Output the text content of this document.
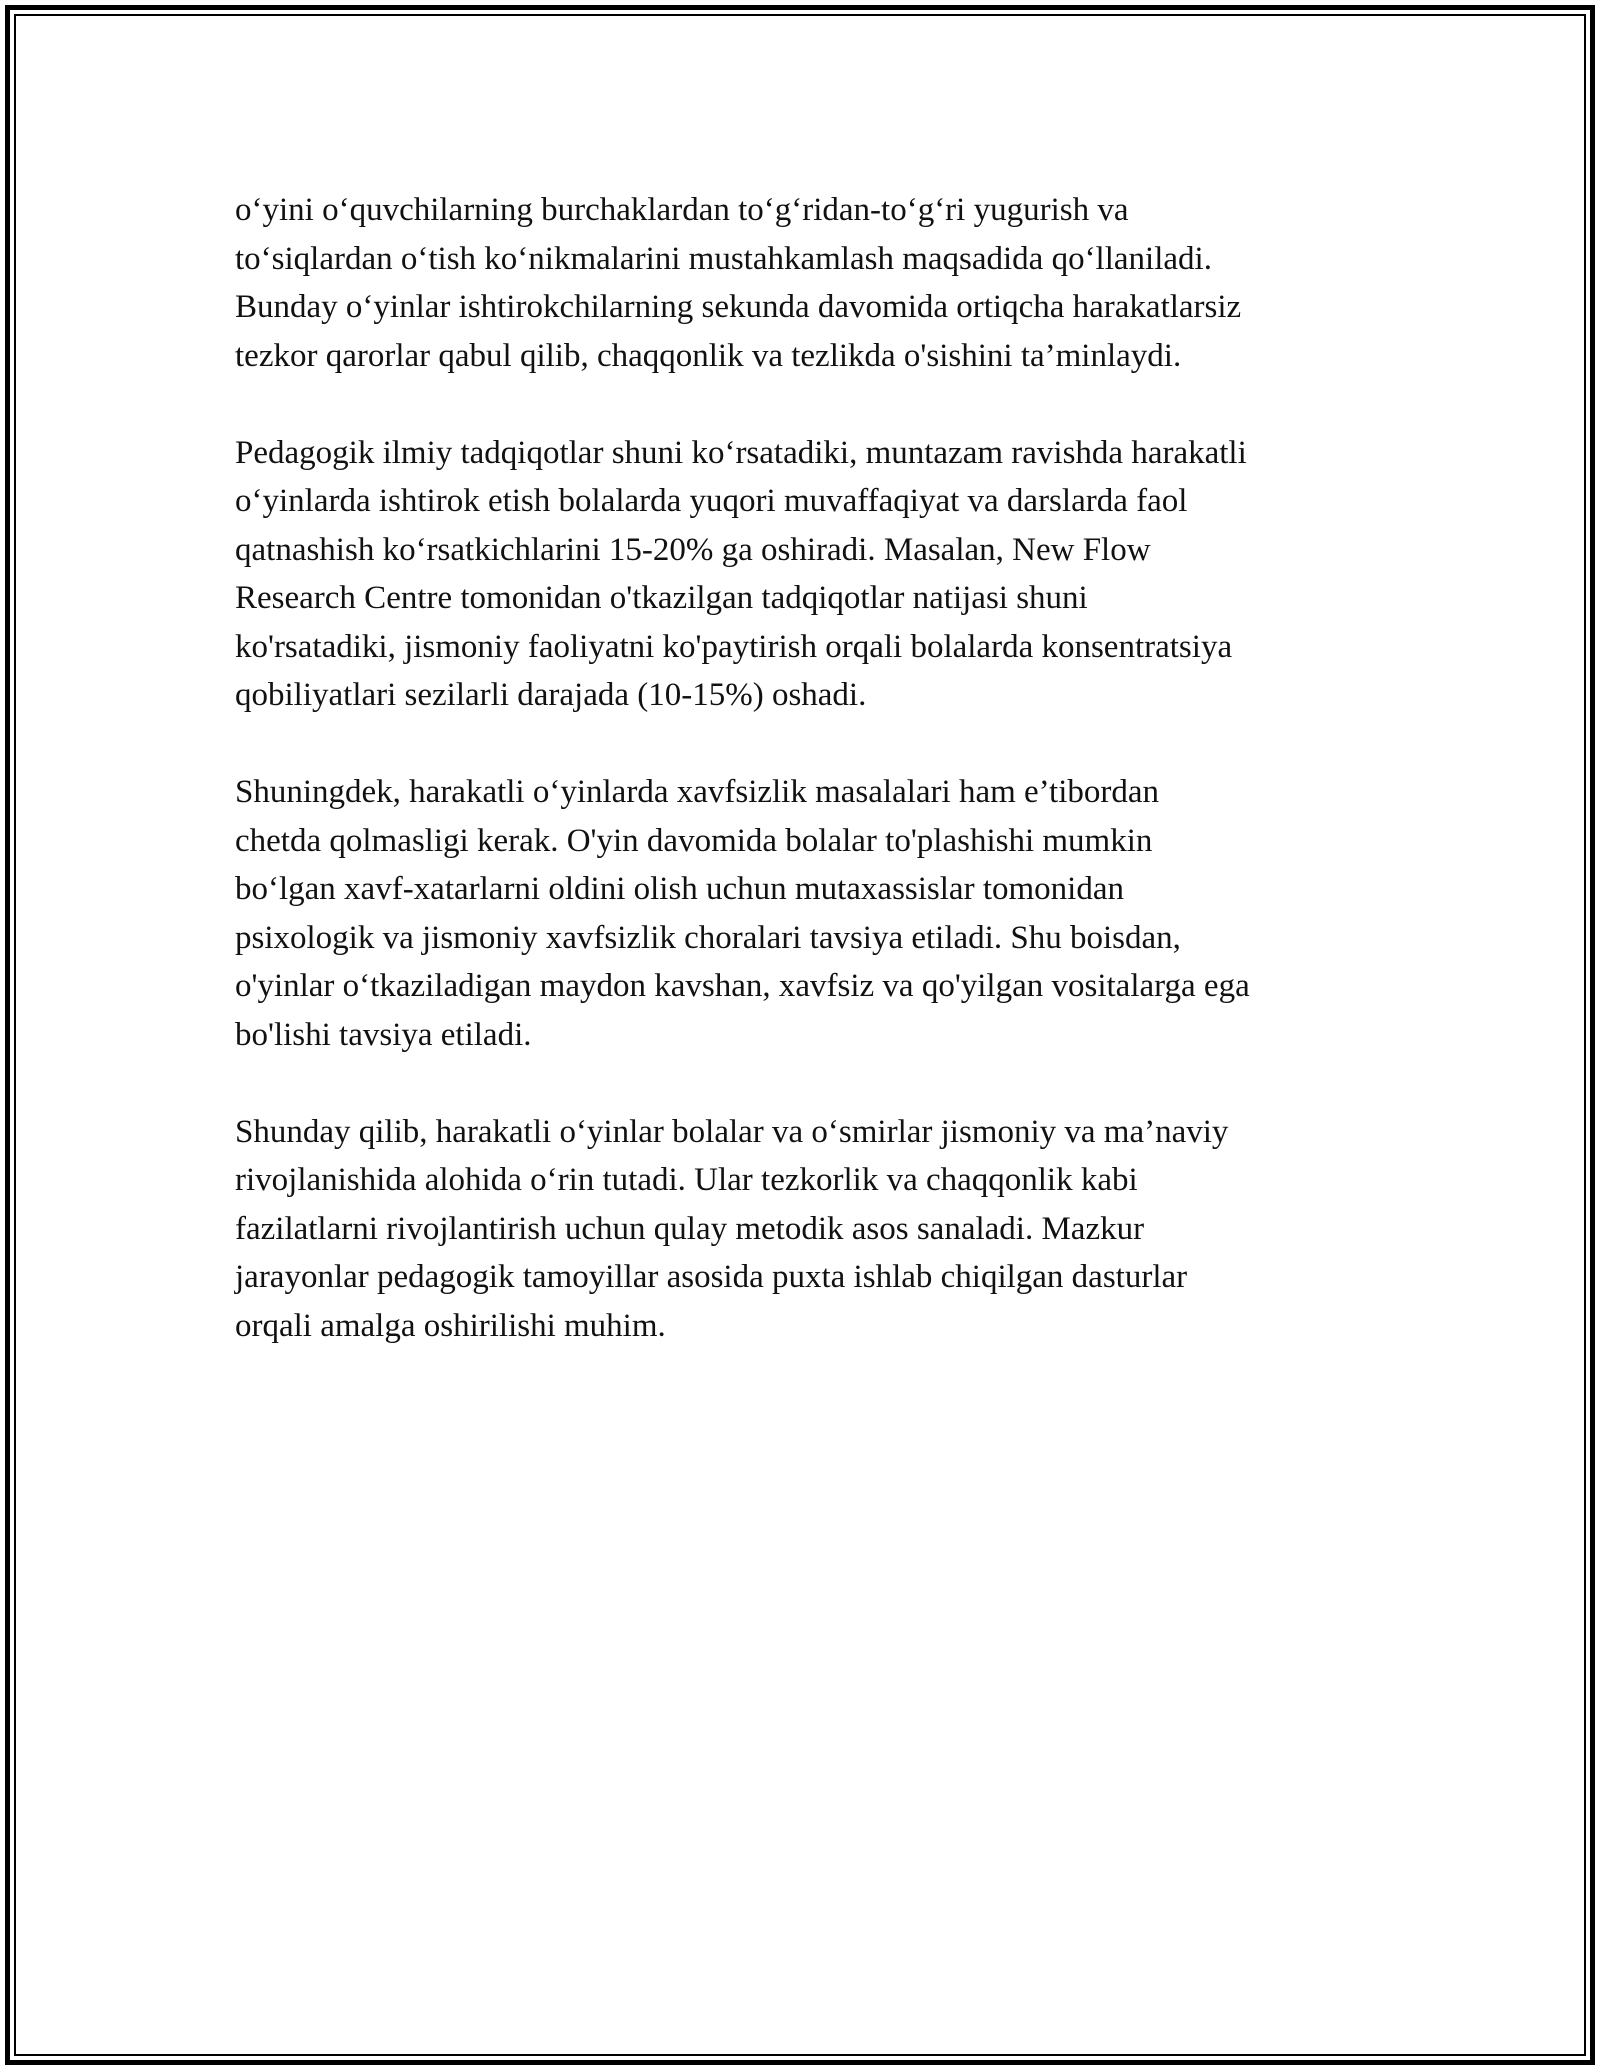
o‘yini o‘quvchilarning burchaklardan to‘g‘ridan-to‘g‘ri yugurish va
to‘siqlardan o‘tish ko‘nikmalarini mustahkamlash maqsadida qo‘llaniladi.
Bunday o‘yinlar ishtirokchilarning sekunda davomida ortiqcha harakatlarsiz
tezkor qarorlar qabul qilib, chaqqonlik va tezlikda o'sishini ta’minlaydi.

Pedagogik ilmiy tadqiqotlar shuni ko‘rsatadiki, muntazam ravishda harakatli
o‘yinlarda ishtirok etish bolalarda yuqori muvaffaqiyat va darslarda faol
qatnashish ko‘rsatkichlarini 15-20% ga oshiradi. Masalan, New Flow
Research Centre tomonidan o'tkazilgan tadqiqotlar natijasi shuni
ko'rsatadiki, jismoniy faoliyatni ko'paytirish orqali bolalarda konsentratsiya
qobiliyatlari sezilarli darajada (10-15%) oshadi.

Shuningdek, harakatli o‘yinlarda xavfsizlik masalalari ham e’tibordan
chetda qolmasligi kerak. O'yin davomida bolalar to'plashishi mumkin
bo‘lgan xavf-xatarlarni oldini olish uchun mutaxassislar tomonidan
psixologik va jismoniy xavfsizlik choralari tavsiya etiladi. Shu boisdan,
o'yinlar o‘tkaziladigan maydon kavshan, xavfsiz va qo'yilgan vositalarga ega
bo'lishi tavsiya etiladi.

Shunday qilib, harakatli o‘yinlar bolalar va o‘smirlar jismoniy va ma’naviy
rivojlanishida alohida o‘rin tutadi. Ular tezkorlik va chaqqonlik kabi
fazilatlarni rivojlantirish uchun qulay metodik asos sanaladi. Mazkur
jarayonlar pedagogik tamoyillar asosida puxta ishlab chiqilgan dasturlar
orqali amalga oshirilishi muhim.
